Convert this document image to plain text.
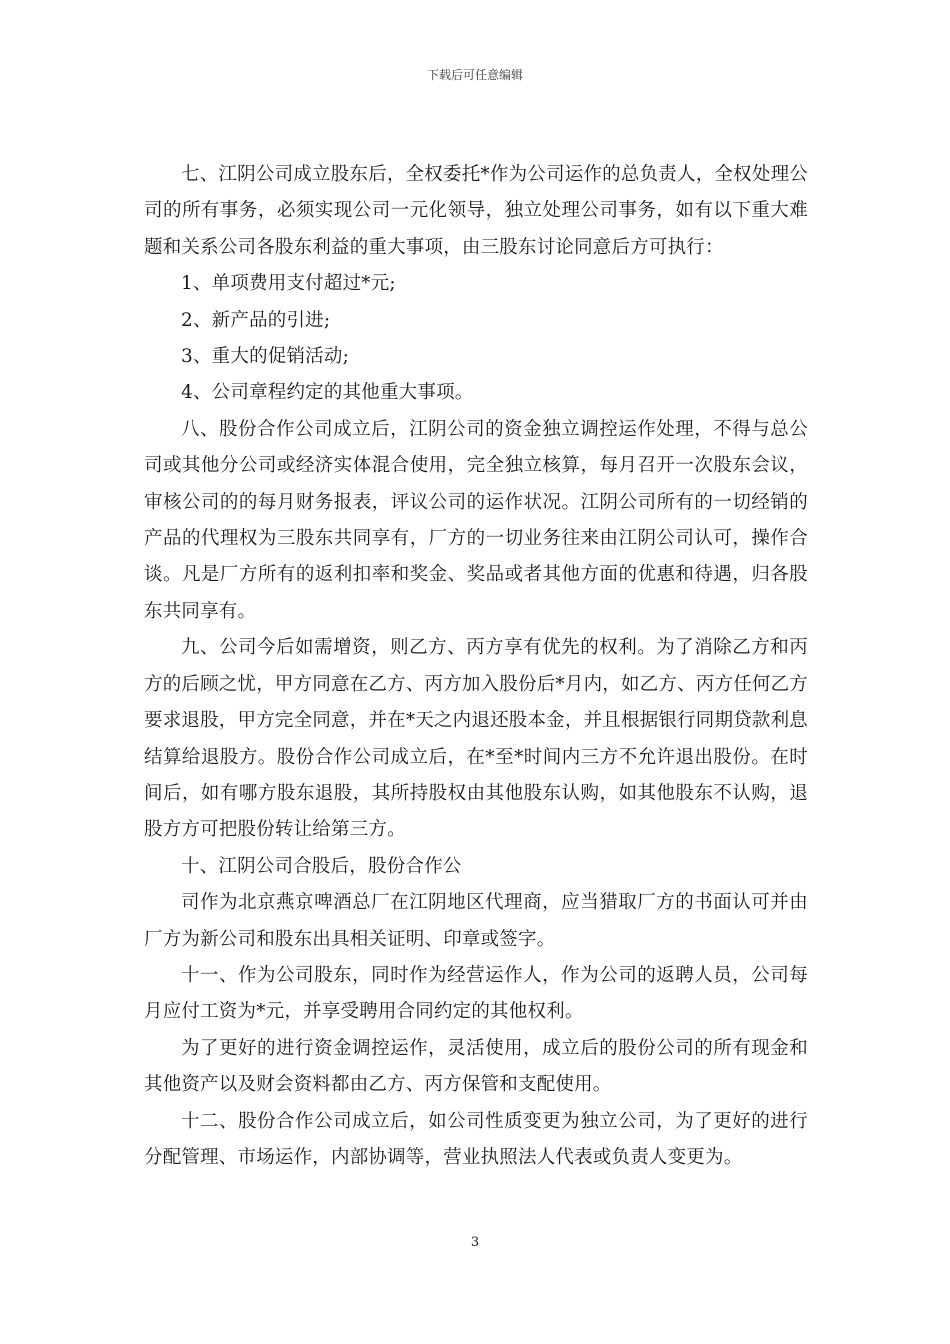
下载后可任意编辑

七、江阴公司成立股东后，全权委托*作为公司运作的总负责人，全权处理公司的所有事务，必须实现公司一元化领导，独立处理公司事务，如有以下重大难题和关系公司各股东利益的重大事项，由三股东讨论同意后方可执行：

1、单项费用支付超过*元;

2、新产品的引进;

3、重大的促销活动;

4、公司章程约定的其他重大事项。

八、股份合作公司成立后，江阴公司的资金独立调控运作处理，不得与总公司或其他分公司或经济实体混合使用，完全独立核算，每月召开一次股东会议，审核公司的的每月财务报表，评议公司的运作状况。江阴公司所有的一切经销的产品的代理权为三股东共同享有，厂方的一切业务往来由江阴公司认可，操作合谈。凡是厂方所有的返利扣率和奖金、奖品或者其他方面的优惠和待遇，归各股东共同享有。

九、公司今后如需增资，则乙方、丙方享有优先的权利。为了消除乙方和丙方的后顾之忧，甲方同意在乙方、丙方加入股份后*月内，如乙方、丙方任何乙方要求退股，甲方完全同意，并在*天之内退还股本金，并且根据银行同期贷款利息结算给退股方。股份合作公司成立后，在*至*时间内三方不允许退出股份。在时间后，如有哪方股东退股，其所持股权由其他股东认购，如其他股东不认购，退股方方可把股份转让给第三方。

十、江阴公司合股后，股份合作公

司作为北京燕京啤酒总厂在江阴地区代理商，应当猎取厂方的书面认可并由厂方为新公司和股东出具相关证明、印章或签字。

十一、作为公司股东，同时作为经营运作人，作为公司的返聘人员，公司每月应付工资为*元，并享受聘用合同约定的其他权利。

为了更好的进行资金调控运作，灵活使用，成立后的股份公司的所有现金和其他资产以及财会资料都由乙方、丙方保管和支配使用。

十二、股份合作公司成立后，如公司性质变更为独立公司，为了更好的进行分配管理、市场运作，内部协调等，营业执照法人代表或负责人变更为。

3
